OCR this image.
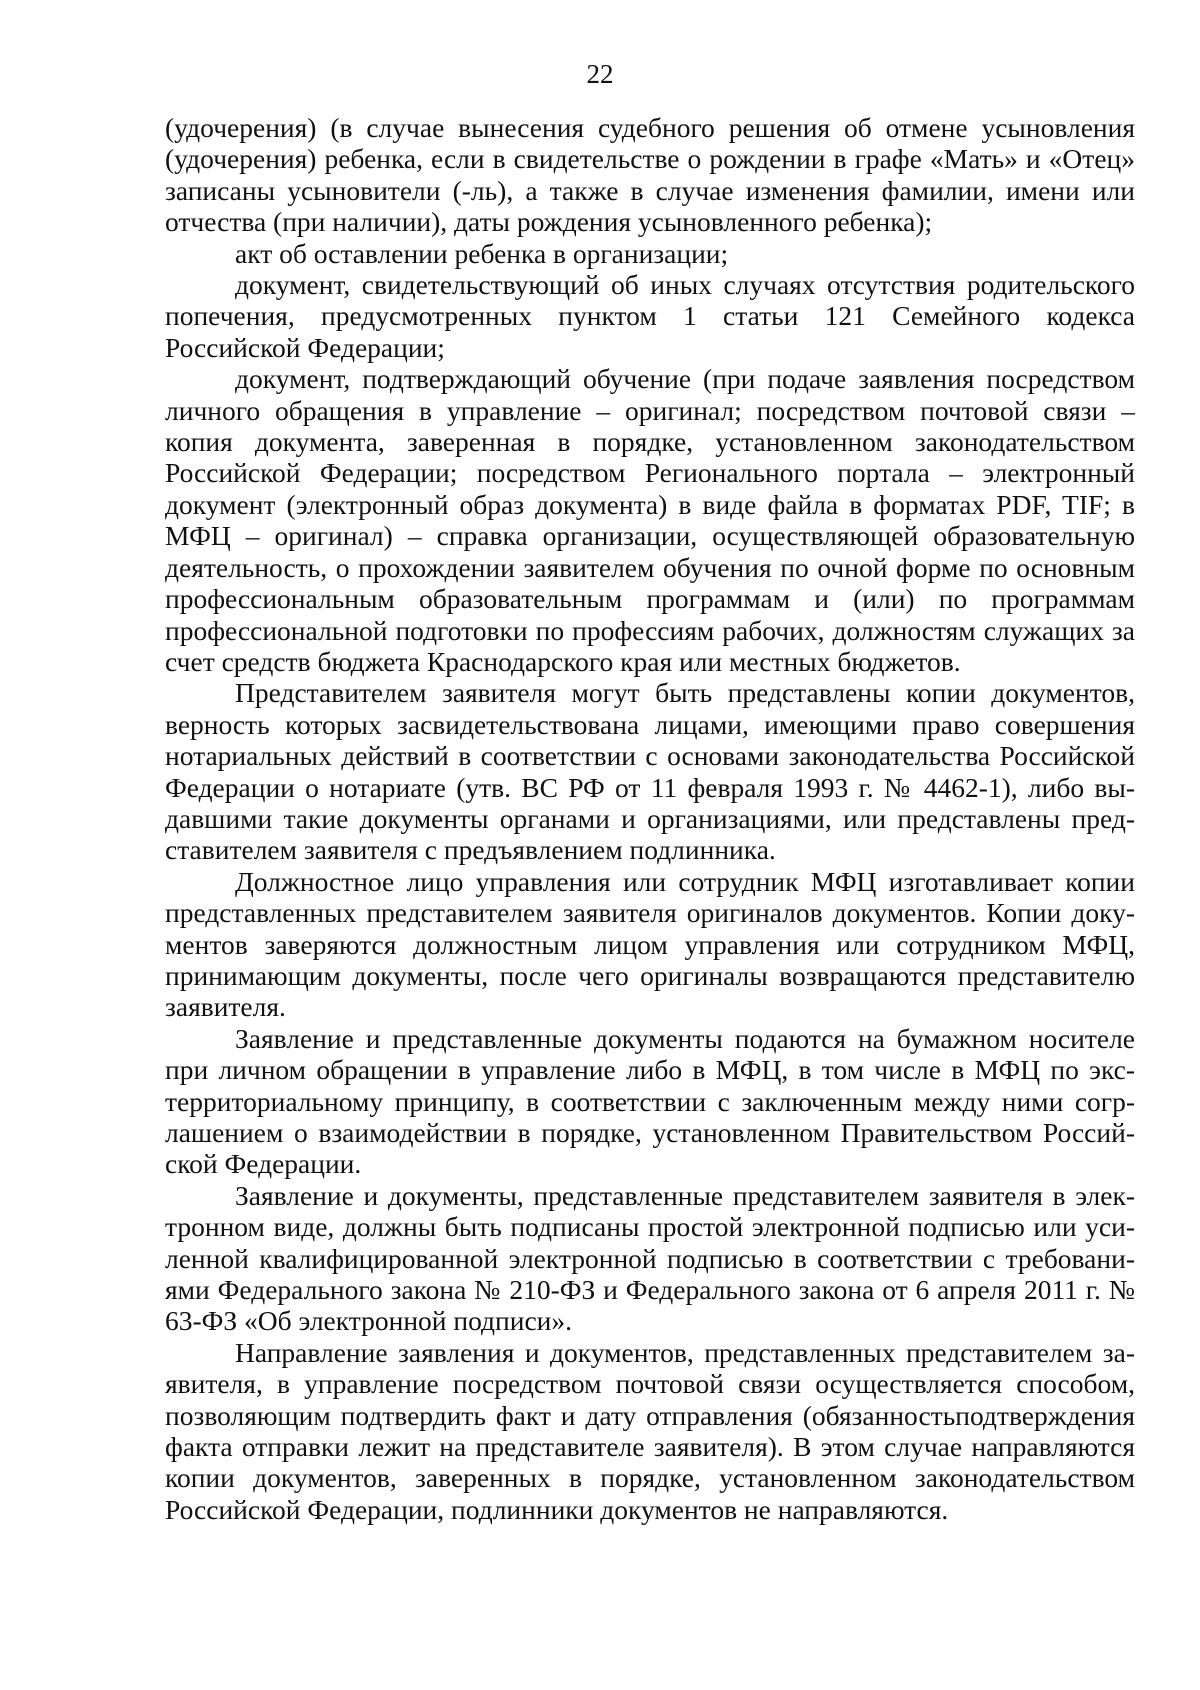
22

(удочерения) (в случае вынесения судебного решения об отмене усыновления (удочерения) ребенка, если в свидетельстве о рождении в графе «Мать» и «Отец» записаны усыновители (-ль), а также в случае изменения фамилии, имени или отчества (при наличии), даты рождения усыновленного ребенка);

акт об оставлении ребенка в организации;

документ, свидетельствующий об иных случаях отсутствия родительского попечения, предусмотренных пунктом 1 статьи 121 Семейного кодекса Российской Федерации;

документ, подтверждающий обучение (при подаче заявления посредством личного обращения в управление – оригинал; посредством почтовой связи – копия документа, заверенная в порядке, установленном законодательством Российской Федерации; посредством Регионального портала – электронный документ (электронный образ документа) в виде файла в форматах PDF, TIF; в МФЦ – оригинал) – справка организации, осуществляющей образовательную деятельность, о прохождении заявителем обучения по очной форме по основным профессиональным образовательным программам и (или) по программам профессиональной подготовки по профессиям рабочих, должностям служащих за счет средств бюджета Краснодарского края или местных бюджетов.

Представителем заявителя могут быть представлены копии документов, верность которых засвидетельствована лицами, имеющими право совершения нотариальных действий в соответствии с основами законодательства Российской Федерации о нотариате (утв. ВС РФ от 11 февраля 1993 г. № 4462-1), либо выдавшими такие документы органами и организациями, или представлены представителем заявителя с предъявлением подлинника.

Должностное лицо управления или сотрудник МФЦ изготавливает копии представленных представителем заявителя оригиналов документов. Копии документов заверяются должностным лицом управления или сотрудником МФЦ, принимающим документы, после чего оригиналы возвращаются представителю заявителя.

Заявление и представленные документы подаются на бумажном носителе при личном обращении в управление либо в МФЦ, в том числе в МФЦ по экстерриториальному принципу, в соответствии с заключенным между ними согрлашением о взаимодействии в порядке, установленном Правительством Российской Федерации.

Заявление и документы, представленные представителем заявителя в электронном виде, должны быть подписаны простой электронной подписью или усиленной квалифицированной электронной подписью в соответствии с требованиями Федерального закона № 210-ФЗ и Федерального закона от 6 апреля 2011 г. № 63-ФЗ «Об электронной подписи».

Направление заявления и документов, представленных представителем заявителя, в управление посредством почтовой связи осуществляется способом, позволяющим подтвердить факт и дату отправления (обязанностьподтверждения факта отправки лежит на представителе заявителя). В этом случае направляются копии документов, заверенных в порядке, установленном законодательством Российской Федерации, подлинники документов не направляются.
